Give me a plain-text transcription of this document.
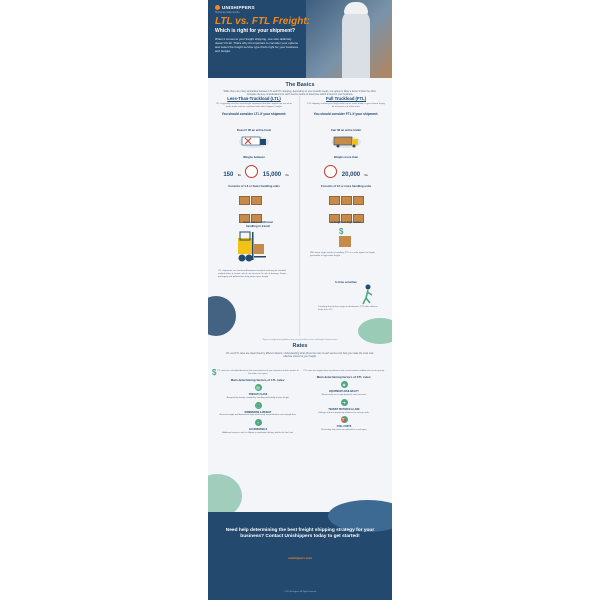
UNISHIPPERS
Shipping made simple
LTL vs. FTL Freight:
Which is right for your shipment?
When it comes to your freight shipping, one size definitely doesn't fit all. That's why it's important to consider your options and select the freight service type that's right for your business and budget.
The Basics
While there are many similarities between LTL and FTL shipping, depending on your specific needs, one option is likely a better fit than the other. Compare the key considerations for each service below to determine which is best for your business.
Less-Than-Truckload (LTL)
LTL is typically used for small freight shipments that don't require the use of an entire trailer and are combined with other shippers' freight.
You should consider LTL if your shipment:
Doesn't fill an entire truck
Weighs between
150 lbs	15,000 lbs
Consists of 1-6 or fewer handling units

Can endure additional handling in transit
LTL shipments are transferred between terminals and may be handled multiple times in transit, which can increase the risk of damage. Proper packaging and palletization help protect your freight.
Full Truckload (FTL)
FTL shipping is when your freight takes up an entire trailer, or you choose to pay for exclusive use of the truck.
You should consider FTL if your shipment:
Can fill an entire trailer
Weighs more than
20,000 lbs
Consists of 10 or more handling units

Is fragile or high-value
$
With fewer stops and less handling, FTL is a safer option for fragile, perishable or high-value freight.
Is time sensitive
Traveling directly from origin to destination, FTL often delivers faster than LTL.
*Figures and general guidelines may vary based on carrier and freight characteristics.
Rates
LTL and FTL rates are determined by different factors. Understanding what drives the cost of each service can help you make the most cost-effective choice for your freight.
$ LTL rates are calculated based on the characteristics of your shipment and the portion of the trailer it occupies.
Main determining factors of LTL rates:
▤
FREIGHT CLASS
Assigned by density, stowability, handling and liability of your freight.
⬚
DIMENSIONS & WEIGHT
Accurate weight and dimensions help avoid costly reclassification and reweigh fees.
+
ACCESSORIALS
Additional services such as liftgate or residential delivery add to the final cost.
FTL rates are largely driven by distance and current market conditions for truck capacity.
Main determining factors of FTL rates:
◈
EQUIPMENT AVAILABILITY
When trucks are in high demand, rates increase.
➜
TRANSIT DISTANCE & LANE
Mileage and lane popularity influence the cost per mile.
⛽
FUEL COSTS
Fluctuating fuel prices are reflected in surcharges.
Need help determining the best freight shipping strategy for your business? Contact Unishippers today to get started!
unishippers.com
© 2020 Unishippers. All Rights Reserved.
